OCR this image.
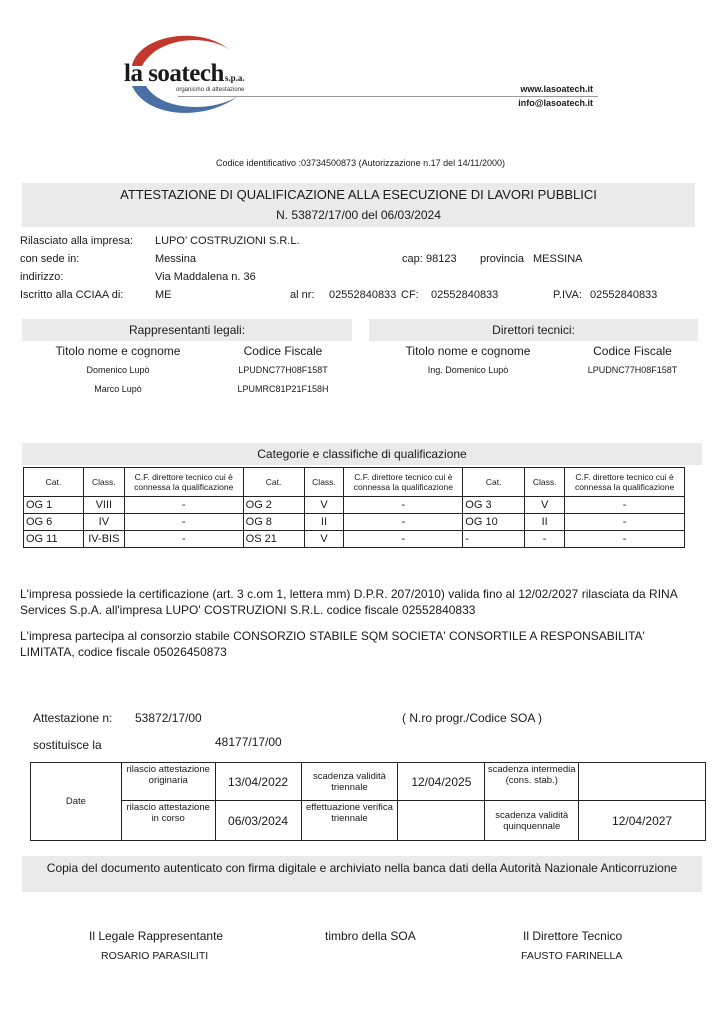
la soatechs.p.a.
organismo di attestazione	www.lasoatech.it
info@lasoatech.it
Codice identificativo :03734500873 (Autorizzazione n.17 del 14/11/2000)
ATTESTAZIONE DI QUALIFICAZIONE ALLA ESECUZIONE DI LAVORI PUBBLICI
N. 53872/17/00 del 06/03/2024
Rilasciato alla impresa: LUPO' COSTRUZIONI S.R.L.
con sede in:	Messina	cap: 98123 provincia MESSINA
indirizzo:	Via Maddalena n. 36
Iscritto alla CCIAA di:	ME	al nr: 02552840833 CF: 02552840833	P.IVA: 02552840833
Rappresentanti legali:
Titolo nome e cognome	Codice Fiscale
Domenico Lupò	LPUDNC77H08F158T
Marco Lupò	LPUMRC81P21F158H
Direttori tecnici:
Titolo nome e cognome	Codice Fiscale
Ing. Domenico Lupò	LPUDNC77H08F158T
Categorie e classifiche di qualificazione
Cat.	Class.	C.F. direttore tecnico cui è connessa la qualificazione	Cat.	Class.	C.F. direttore tecnico cui è connessa la qualificazione	Cat.	Class.	C.F. direttore tecnico cui è connessa la qualificazione
OG 1	VIII	-	OG 2	V	-	OG 3	V	-
OG 6	IV	-	OG 8	II	-	OG 10	II	-
OG 11	IV-BIS	-	OS 21	V	-	-	-	-
L'impresa possiede la certificazione (art. 3 c.om 1, lettera mm) D.P.R. 207/2010) valida fino al 12/02/2027 rilasciata da RINA Services S.p.A. all'impresa LUPO' COSTRUZIONI S.R.L. codice fiscale 02552840833
L'impresa partecipa al consorzio stabile CONSORZIO STABILE SQM SOCIETA' CONSORTILE A RESPONSABILITA' LIMITATA, codice fiscale 05026450873
Attestazione n: 53872/17/00	( N.ro progr./Codice SOA )
sostituisce la	48177/17/00
Date	rilascio attestazione originaria	13/04/2022	scadenza validità triennale	12/04/2025	scadenza intermedia (cons. stab.)	
	rilascio attestazione in corso	06/03/2024	effettuazione verifica triennale		scadenza validità quinquennale	12/04/2027
Copia del documento autenticato con firma digitale e archiviato nella banca dati della Autorità Nazionale Anticorruzione
Il Legale Rappresentante
ROSARIO PARASILITI
timbro della SOA	Il Direttore Tecnico
FAUSTO FARINELLA
